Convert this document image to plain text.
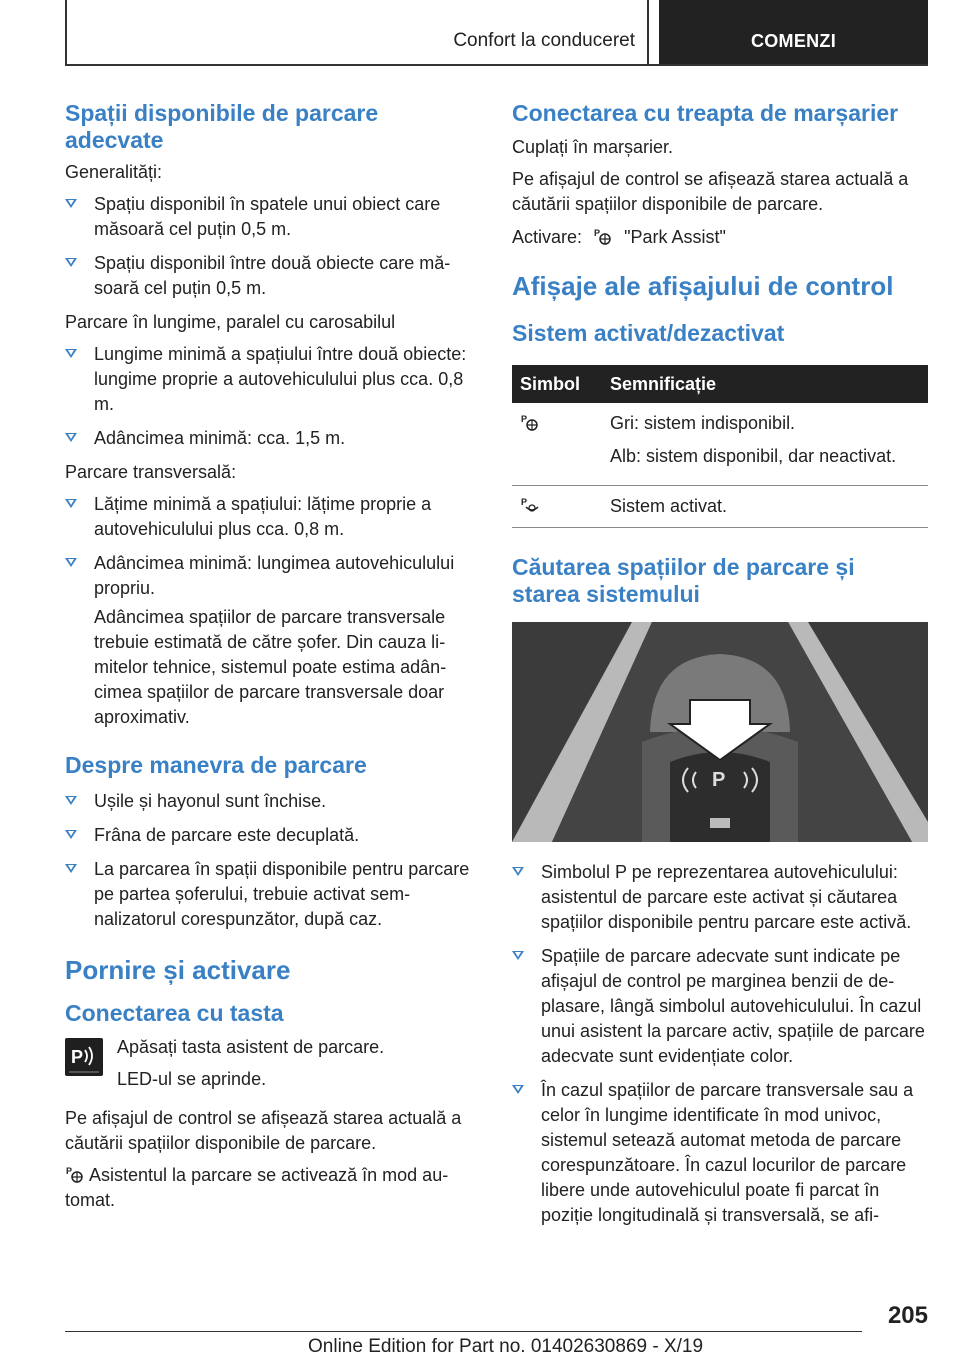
Confort la conduceret	COMENZI
Spații disponibile de parcare adecvate

Generalități:

Spațiu disponibil în spatele unui obiect care măsoară cel puțin 0,5 m.
Spațiu disponibil între două obiecte care măsoară cel puțin 0,5 m.

Parcare în lungime, paralel cu carosabilul

Lungime minimă a spațiului între două obiecte: lungime proprie a autovehiculului plus cca. 0,8 m.
Adâncimea minimă: cca. 1,5 m.

Parcare transversală:

Lățime minimă a spațiului: lățime proprie a autovehiculului plus cca. 0,8 m.
Adâncimea minimă: lungimea autovehiculului propriu.

Adâncimea spațiilor de parcare transversale trebuie estimată de către șofer. Din cauza limitelor tehnice, sistemul poate estima adâncimea spațiilor de parcare transversale doar aproximativ.

Despre manevra de parcare
Ușile și hayonul sunt închise.
Frâna de parcare este decuplată.
La parcarea în spații disponibile pentru parcare pe partea șoferului, trebuie activat semnalizatorul corespunzător, după caz.
Pornire și activare
Conectarea cu tasta
P Apăsați tasta asistent de parcare.

LED-ul se aprinde.

Pe afișajul de control se afișează starea actuală a căutării spațiilor disponibile de parcare.

P Asistentul la parcare se activează în mod automat.

Conectarea cu treapta de marșarier

Cuplați în marșarier.

Pe afișajul de control se afișează starea actuală a căutării spațiilor disponibile de parcare.

Activare: P "Park Assist"

Afișaje ale afișajului de control
Sistem activat/dezactivat
Simbol	Semnificație

P	Gri: sistem indisponibil.

Alb: sistem disponibil, dar neactivat.

P	Sistem activat.

Căutarea spațiilor de parcare și starea sistemului
P
Simbolul P pe reprezentarea autovehiculului: asistentul de parcare este activat și căutarea spațiilor disponibile pentru parcare este activă.
Spațiile de parcare adecvate sunt indicate pe afișajul de control pe marginea benzii de deplasare, lângă simbolul autovehiculului. În cazul unui asistent la parcare activ, spațiile de parcare adecvate sunt evidențiate color.
În cazul spațiilor de parcare transversale sau a celor în lungime identificate în mod univoc, sistemul setează automat metoda de parcare corespunzătoare. În cazul locurilor de parcare libere unde autovehiculul poate fi parcat în poziție longitudinală și transversală, se afi-
205
Online Edition for Part no. 01402630869 - X/19
